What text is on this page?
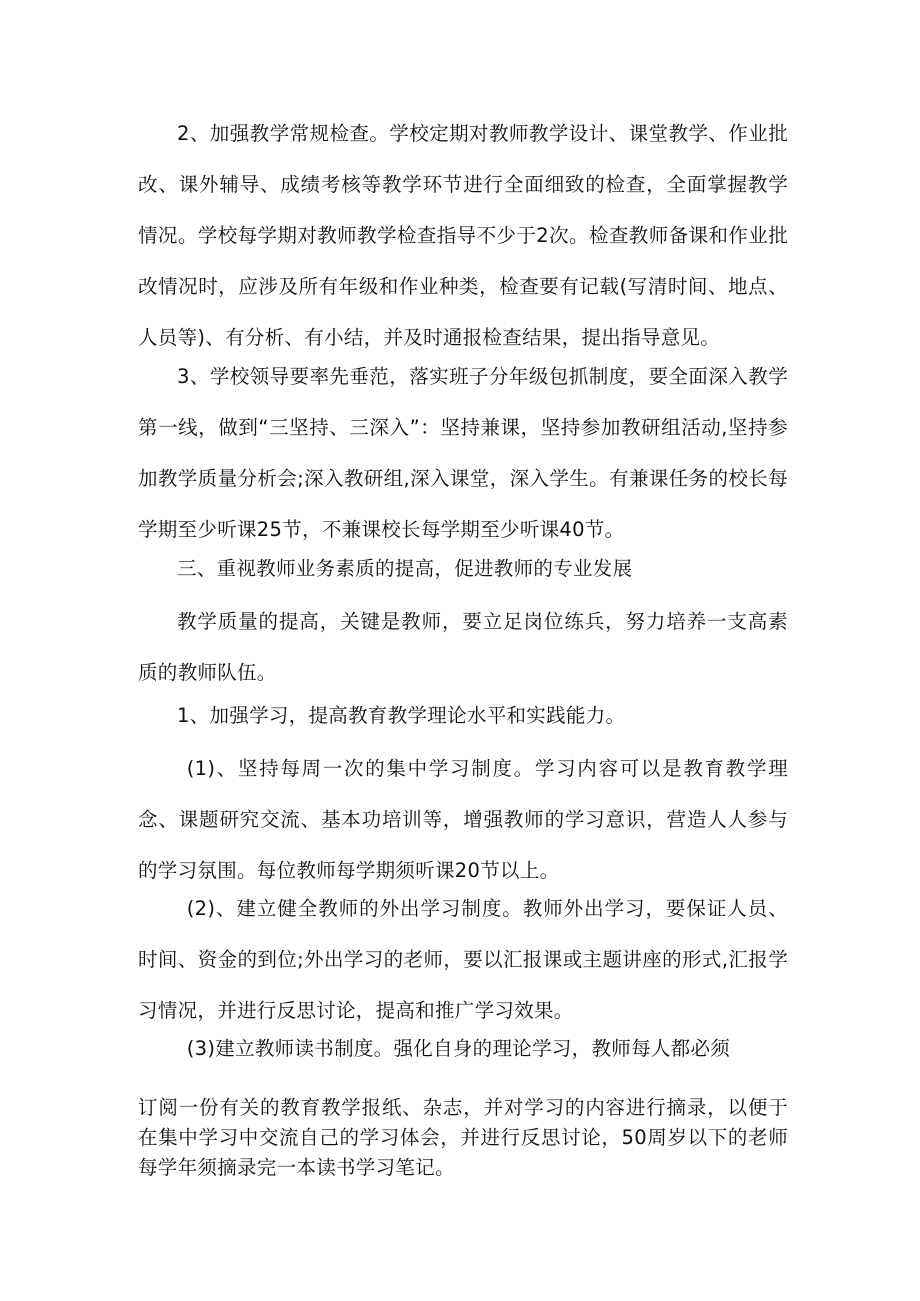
2、加强教学常规检查。学校定期对教师教学设计、课堂教学、作业批改、课外辅导、成绩考核等教学环节进行全面细致的检查，全面掌握教学情况。学校每学期对教师教学检查指导不少于2次。检查教师备课和作业批改情况时，应涉及所有年级和作业种类，检查要有记载(写清时间、地点、人员等)、有分析、有小结，并及时通报检查结果，提出指导意见。

3、学校领导要率先垂范，落实班子分年级包抓制度，要全面深入教学第一线，做到“三坚持、三深入”：坚持兼课，坚持参加教研组活动,坚持参加教学质量分析会;深入教研组,深入课堂，深入学生。有兼课任务的校长每学期至少听课25节，不兼课校长每学期至少听课40节。

三、重视教师业务素质的提高，促进教师的专业发展

教学质量的提高，关键是教师，要立足岗位练兵，努力培养一支高素质的教师队伍。

1、加强学习，提高教育教学理论水平和实践能力。

(1)、坚持每周一次的集中学习制度。学习内容可以是教育教学理念、课题研究交流、基本功培训等，增强教师的学习意识，营造人人参与的学习氛围。每位教师每学期须听课20节以上。

(2)、建立健全教师的外出学习制度。教师外出学习，要保证人员、时间、资金的到位;外出学习的老师，要以汇报课或主题讲座的形式,汇报学习情况，并进行反思讨论，提高和推广学习效果。

(3)建立教师读书制度。强化自身的理论学习，教师每人都必须

订阅一份有关的教育教学报纸、杂志，并对学习的内容进行摘录，以便于在集中学习中交流自己的学习体会，并进行反思讨论，50周岁以下的老师每学年须摘录完一本读书学习笔记。
